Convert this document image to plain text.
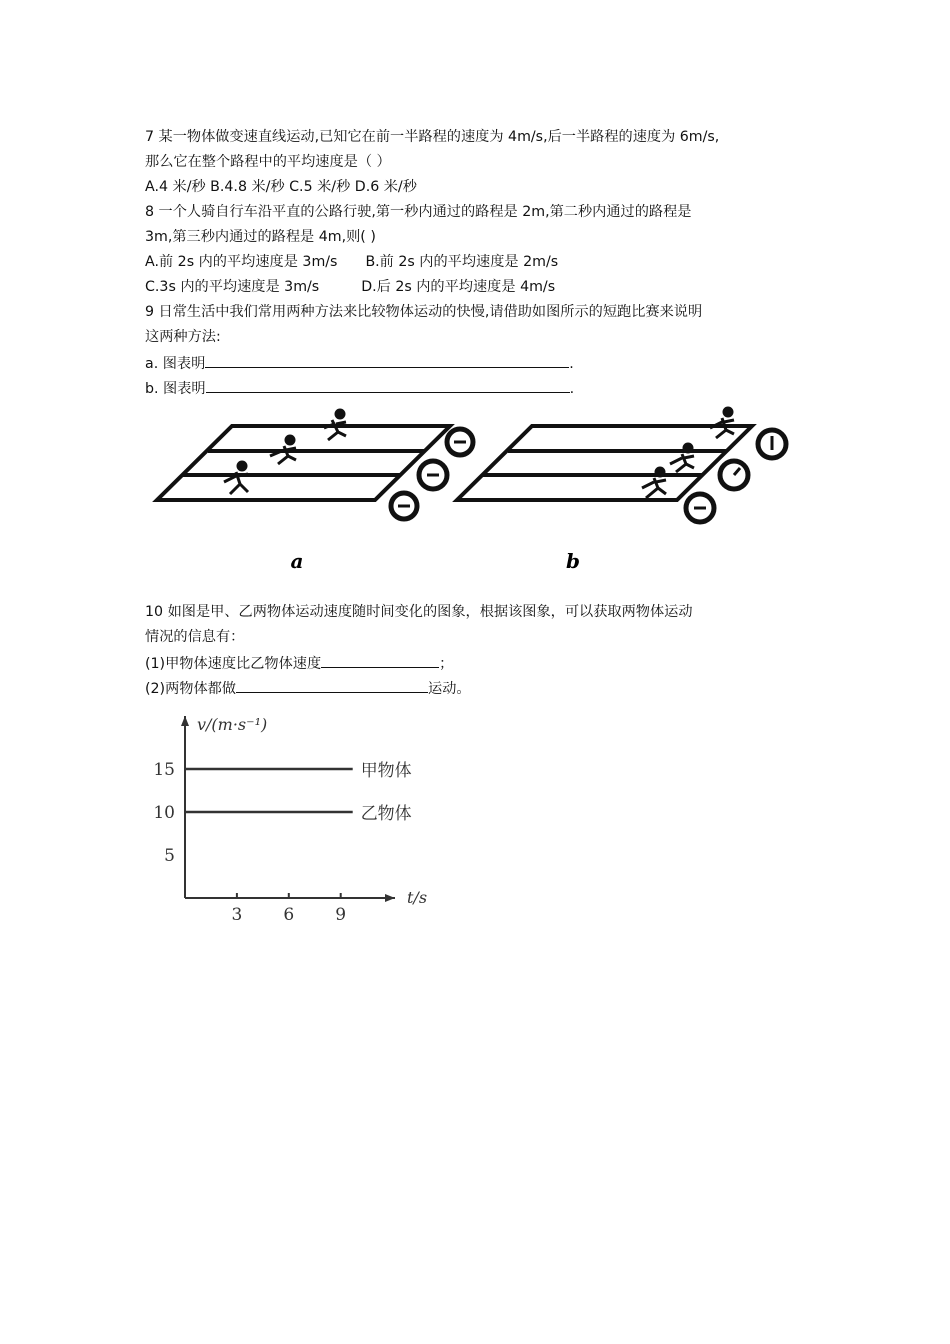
7 某一物体做变速直线运动,已知它在前一半路程的速度为 4m/s,后一半路程的速度为 6m/s,
那么它在整个路程中的平均速度是（ ）
A.4 米/秒 B.4.8 米/秒 C.5 米/秒 D.6 米/秒
8 一个人骑自行车沿平直的公路行驶,第一秒内通过的路程是 2m,第二秒内通过的路程是
3m,第三秒内通过的路程是 4m,则( )
A.前 2s 内的平均速度是 3m/s B.前 2s 内的平均速度是 2m/s
C.3s 内的平均速度是 3m/s	D.后 2s 内的平均速度是 4m/s
9 日常生活中我们常用两种方法来比较物体运动的快慢,请借助如图所示的短跑比赛来说明
这两种方法:
a. 图表明	.
b. 图表明	.
a	b
10 如图是甲、乙两物体运动速度随时间变化的图象，根据该图象，可以获取两物体运动
情况的信息有：
(1)甲物体速度比乙物体速度	；
(2)两物体都做	运动。
甲物体
乙物体
v/(m·s⁻¹)
t/s
3 6 9
5
10
15
